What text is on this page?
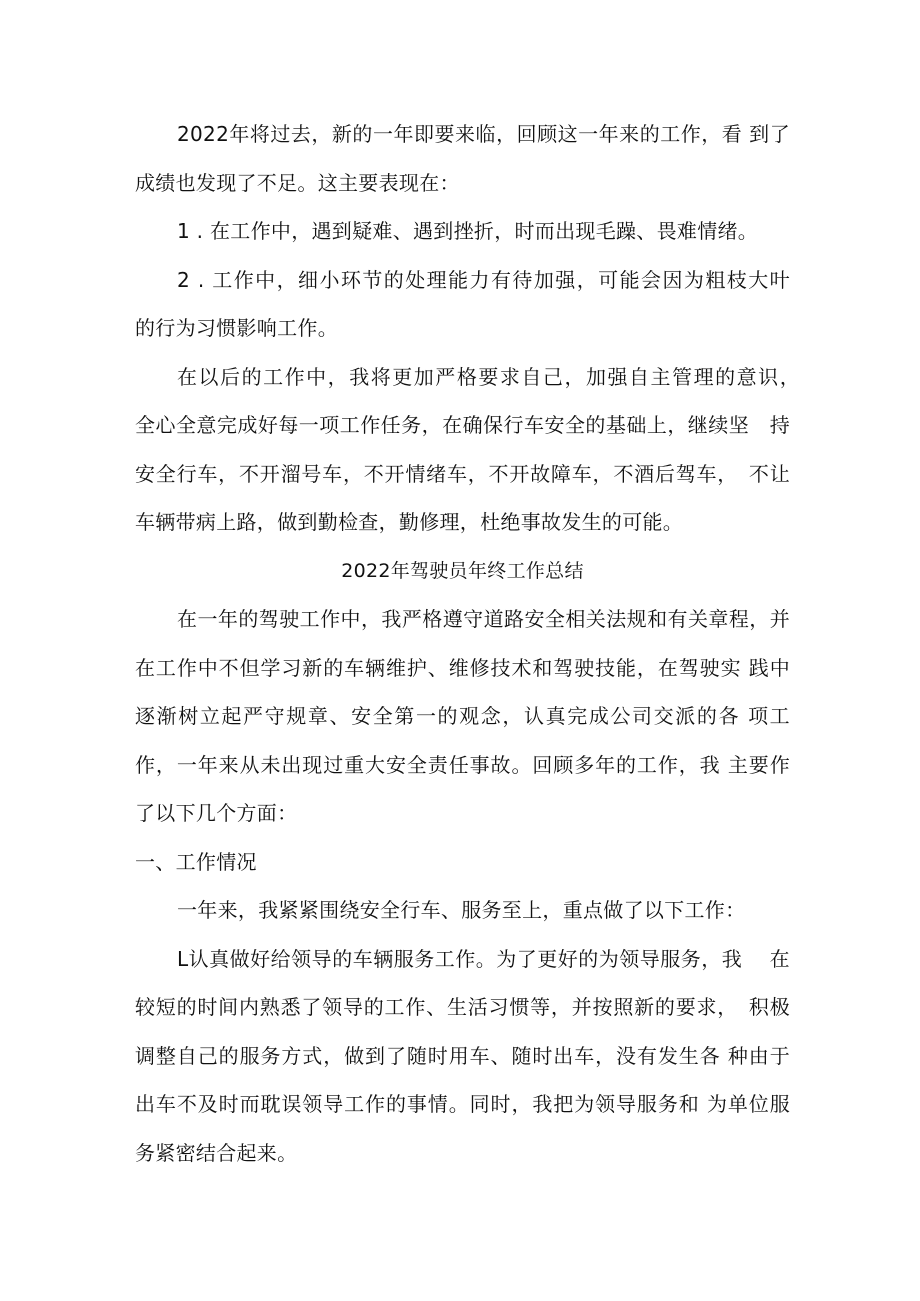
2022年将过去，新的一年即要来临，回顾这一年来的工作，看 到了成绩也发现了不足。这主要表现在：

1 . 在工作中，遇到疑难、遇到挫折，时而出现毛躁、畏难情绪。

2 . 工作中，细小环节的处理能力有待加强，可能会因为粗枝大叶　的行为习惯影响工作。

在以后的工作中，我将更加严格要求自己，加强自主管理的意识，　全心全意完成好每一项工作任务，在确保行车安全的基础上，继续坚　持安全行车，不开溜号车，不开情绪车，不开故障车，不酒后驾车，　不让车辆带病上路，做到勤检查，勤修理，杜绝事故发生的可能。

2022年驾驶员年终工作总结

在一年的驾驶工作中，我严格遵守道路安全相关法规和有关章程，并在工作中不但学习新的车辆维护、维修技术和驾驶技能，在驾驶实 践中逐渐树立起严守规章、安全第一的观念，认真完成公司交派的各 项工作，一年来从未出现过重大安全责任事故。回顾多年的工作，我 主要作了以下几个方面：

一、工作情况

一年来，我紧紧围绕安全行车、服务至上，重点做了以下工作：

L认真做好给领导的车辆服务工作。为了更好的为领导服务，我　 在较短的时间内熟悉了领导的工作、生活习惯等，并按照新的要求，　积极调整自己的服务方式，做到了随时用车、随时出车，没有发生各 种由于出车不及时而耽误领导工作的事情。同时，我把为领导服务和 为单位服务紧密结合起来。
